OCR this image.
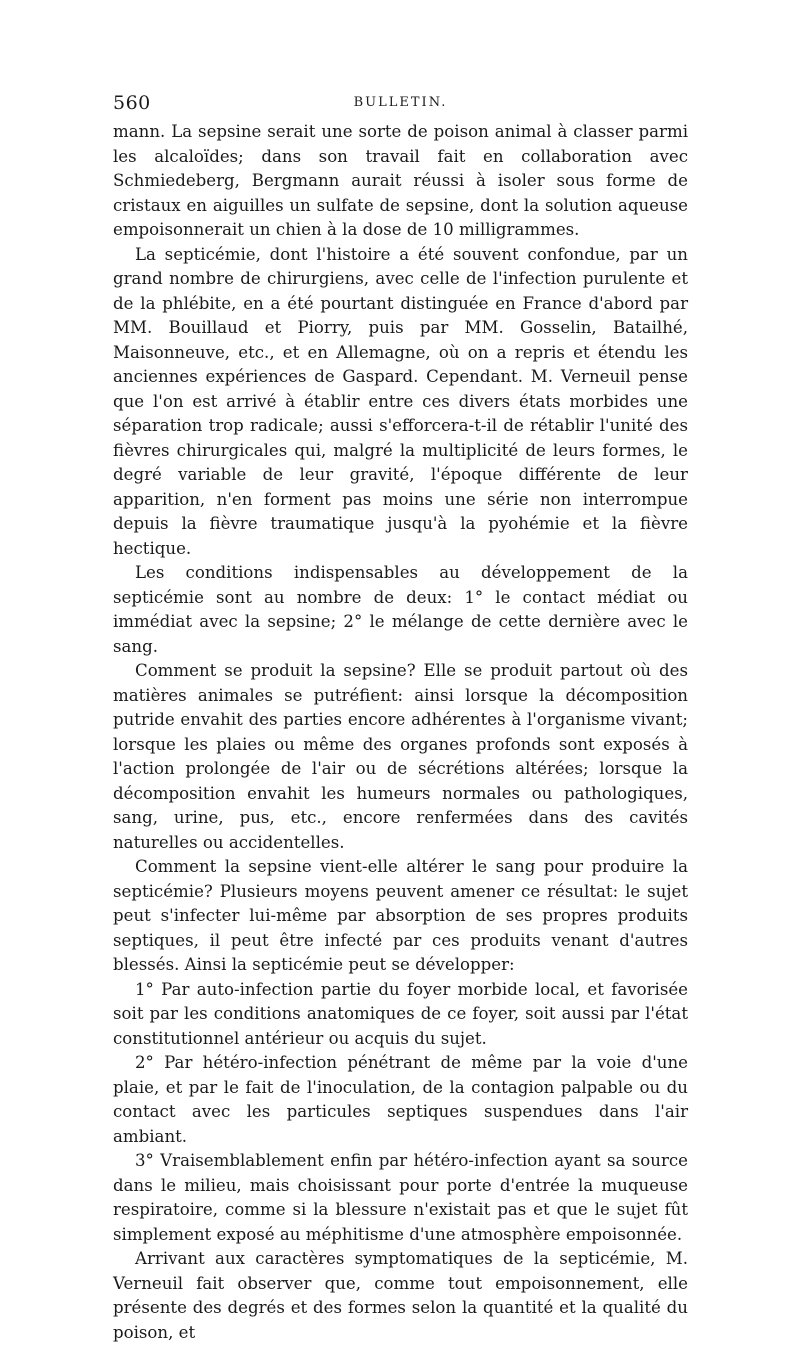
560	BULLETIN.

mann. La sepsine serait une sorte de poison animal à classer parmi les alcaloïdes; dans son travail fait en collaboration avec Schmiedeberg, Bergmann aurait réussi à isoler sous forme de cristaux en aiguilles un sulfate de sepsine, dont la solution aqueuse empoisonnerait un chien à la dose de 10 milligrammes.

La septicémie, dont l'histoire a été souvent confondue, par un grand nombre de chirurgiens, avec celle de l'infection purulente et de la phlébite, en a été pourtant distinguée en France d'abord par MM. Bouillaud et Piorry, puis par MM. Gosselin, Batailhé, Maisonneuve, etc., et en Allemagne, où on a repris et étendu les anciennes expériences de Gaspard. Cependant. M. Verneuil pense que l'on est arrivé à établir entre ces divers états morbides une séparation trop radicale; aussi s'efforcera-t-il de rétablir l'unité des fièvres chirurgicales qui, malgré la multiplicité de leurs formes, le degré variable de leur gravité, l'époque différente de leur apparition, n'en forment pas moins une série non interrompue depuis la fièvre traumatique jusqu'à la pyohémie et la fièvre hectique.

Les conditions indispensables au développement de la septicémie sont au nombre de deux: 1° le contact médiat ou immédiat avec la sepsine; 2° le mélange de cette dernière avec le sang.

Comment se produit la sepsine? Elle se produit partout où des matières animales se putréfient: ainsi lorsque la décomposition putride envahit des parties encore adhérentes à l'organisme vivant; lorsque les plaies ou même des organes profonds sont exposés à l'action prolongée de l'air ou de sécrétions altérées; lorsque la décomposition envahit les humeurs normales ou pathologiques, sang, urine, pus, etc., encore renfermées dans des cavités naturelles ou accidentelles.

Comment la sepsine vient-elle altérer le sang pour produire la septicémie? Plusieurs moyens peuvent amener ce résultat: le sujet peut s'infecter lui-même par absorption de ses propres produits septiques, il peut être infecté par ces produits venant d'autres blessés. Ainsi la septicémie peut se développer:

1° Par auto-infection partie du foyer morbide local, et favorisée soit par les conditions anatomiques de ce foyer, soit aussi par l'état constitutionnel antérieur ou acquis du sujet.

2° Par hétéro-infection pénétrant de même par la voie d'une plaie, et par le fait de l'inoculation, de la contagion palpable ou du contact avec les particules septiques suspendues dans l'air ambiant.

3° Vraisemblablement enfin par hétéro-infection ayant sa source dans le milieu, mais choisissant pour porte d'entrée la muqueuse respiratoire, comme si la blessure n'existait pas et que le sujet fût simplement exposé au méphitisme d'une atmosphère empoisonnée.

Arrivant aux caractères symptomatiques de la septicémie, M. Verneuil fait observer que, comme tout empoisonnement, elle présente des degrés et des formes selon la quantité et la qualité du poison, et
